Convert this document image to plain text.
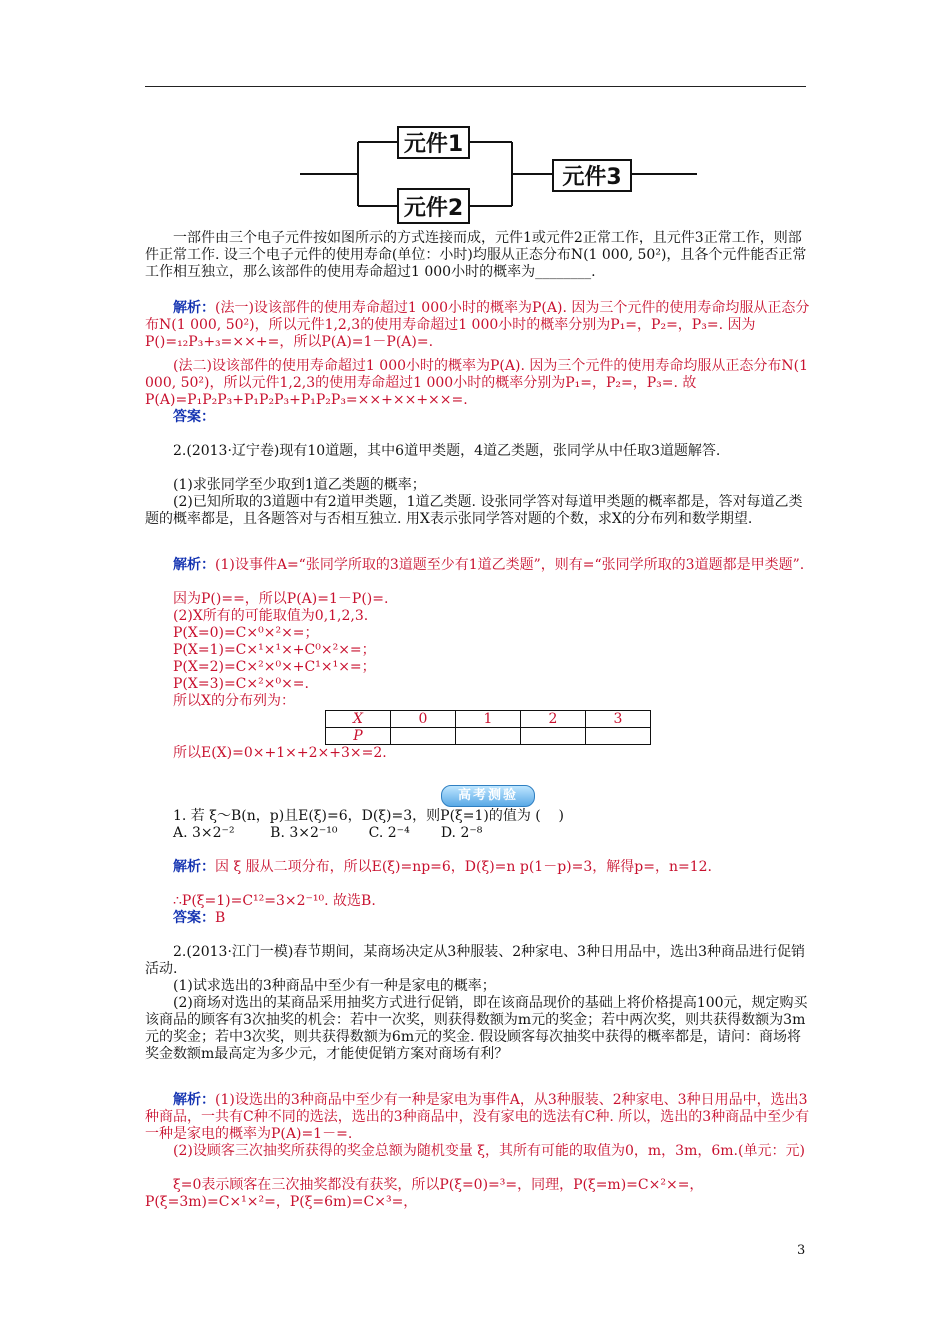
元件1
元件2
元件3
一部件由三个电子元件按如图所示的方式连接而成，元件1或元件2正常工作，且元件3正常工作，则部件正常工作. 设三个电子元件的使用寿命(单位：小时)均服从正态分布N(1 000, 50²)，且各个元件能否正常工作相互独立，那么该部件的使用寿命超过1 000小时的概率为________.
解析：(法一)设该部件的使用寿命超过1 000小时的概率为P(A). 因为三个元件的使用寿命均服从正态分布N(1 000, 50²)，所以元件1,2,3的使用寿命超过1 000小时的概率分别为P₁=，P₂=，P₃=. 因为P()=₁₂P₃+₃=××+=，所以P(A)=1－P(A)=.
(法二)设该部件的使用寿命超过1 000小时的概率为P(A). 因为三个元件的使用寿命均服从正态分布N(1 000, 50²)，所以元件1,2,3的使用寿命超过1 000小时的概率分别为P₁=，P₂=，P₃=. 故P(A)=P₁P₂P₃+P₁P₂P₃+P₁P₂P₃=××+××+××=.
答案：
2.(2013·辽宁卷)现有10道题，其中6道甲类题，4道乙类题，张同学从中任取3道题解答.
(1)求张同学至少取到1道乙类题的概率；
(2)已知所取的3道题中有2道甲类题，1道乙类题. 设张同学答对每道甲类题的概率都是，答对每道乙类题的概率都是，且各题答对与否相互独立. 用X表示张同学答对题的个数，求X的分布列和数学期望.
解析：(1)设事件A=“张同学所取的3道题至少有1道乙类题”，则有=“张同学所取的3道题都是甲类题”.
因为P()==，所以P(A)=1－P()=.
(2)X所有的可能取值为0,1,2,3.
P(X=0)=C×⁰×²×=；
P(X=1)=C×¹×¹×+C⁰×²×=；
P(X=2)=C×²×⁰×+C¹×¹×=；
P(X=3)=C×²×⁰×=.
所以X的分布列为：
X	0	1	2	3
P				
所以E(X)=0×+1×+2×+3×=2.
高考测验
1. 若 ξ～B(n，p)且E(ξ)=6，D(ξ)=3，则P(ξ=1)的值为 (    )
A. 3×2⁻²        B. 3×2⁻¹⁰       C. 2⁻⁴       D. 2⁻⁸
解析：因 ξ 服从二项分布，所以E(ξ)=np=6，D(ξ)=n p(1－p)=3，解得p=，n=12.
∴P(ξ=1)=C¹²=3×2⁻¹⁰. 故选B.
答案：B
2.(2013·江门一模)春节期间，某商场决定从3种服装、2种家电、3种日用品中，选出3种商品进行促销活动.
(1)试求选出的3种商品中至少有一种是家电的概率；
(2)商场对选出的某商品采用抽奖方式进行促销，即在该商品现价的基础上将价格提高100元，规定购买该商品的顾客有3次抽奖的机会：若中一次奖，则获得数额为m元的奖金；若中两次奖，则共获得数额为3m元的奖金；若中3次奖，则共获得数额为6m元的奖金. 假设顾客每次抽奖中获得的概率都是，请问：商场将奖金数额m最高定为多少元，才能使促销方案对商场有利？
解析：(1)设选出的3种商品中至少有一种是家电为事件A，从3种服装、2种家电、3种日用品中，选出3种商品，一共有C种不同的选法，选出的3种商品中，没有家电的选法有C种. 所以，选出的3种商品中至少有一种是家电的概率为P(A)=1－=.
(2)设顾客三次抽奖所获得的奖金总额为随机变量 ξ，其所有可能的取值为0，m，3m，6m.(单元：元)
ξ=0表示顾客在三次抽奖都没有获奖，所以P(ξ=0)=³=，同理，P(ξ=m)=C×²×=，P(ξ=3m)=C×¹×²=，P(ξ=6m)=C×³=，
3
